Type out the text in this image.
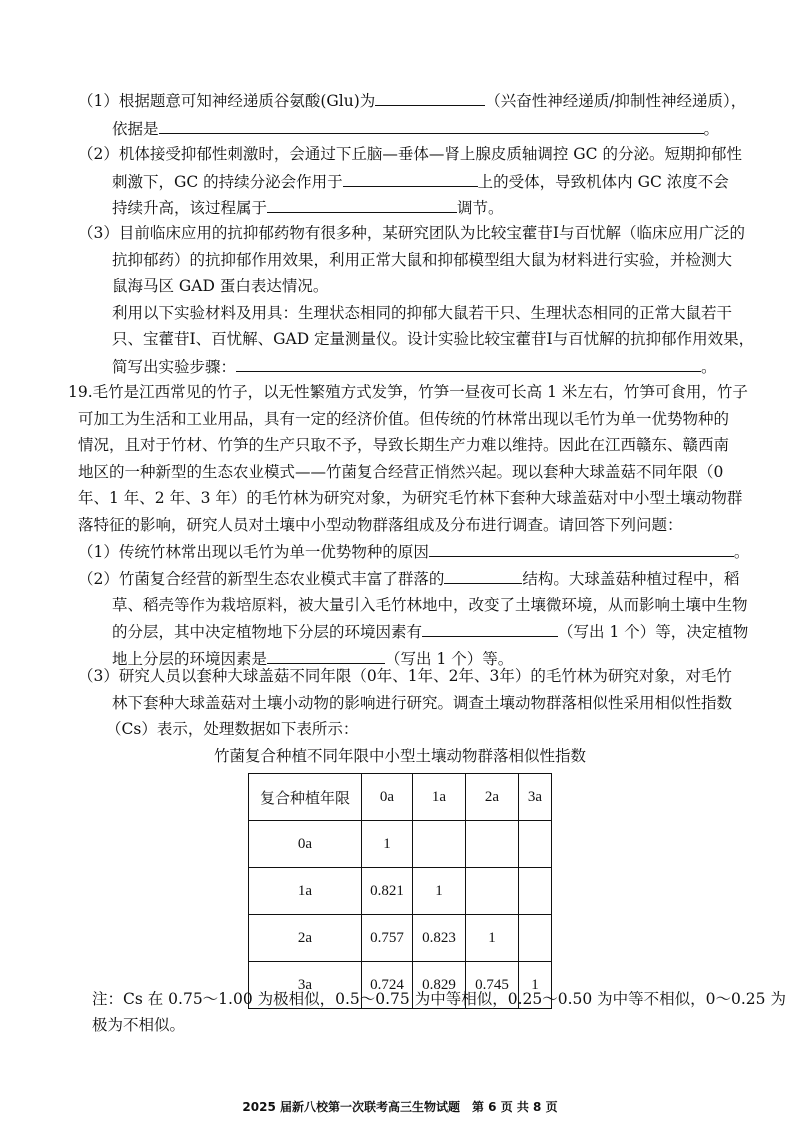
（1）根据题意可知神经递质谷氨酸(Glu)为	（兴奋性神经递质/抑制性神经递质），
依据是	。
（2）机体接受抑郁性刺激时，会通过下丘脑—垂体—肾上腺皮质轴调控 GC 的分泌。短期抑郁性
刺激下，GC 的持续分泌会作用于	上的受体，导致机体内 GC 浓度不会
持续升高，该过程属于	调节。
（3）目前临床应用的抗抑郁药物有很多种，某研究团队为比较宝藿苷Ⅰ与百忧解（临床应用广泛的
抗抑郁药）的抗抑郁作用效果，利用正常大鼠和抑郁模型组大鼠为材料进行实验，并检测大
鼠海马区 GAD 蛋白表达情况。
利用以下实验材料及用具：生理状态相同的抑郁大鼠若干只、生理状态相同的正常大鼠若干
只、宝藿苷Ⅰ、百忧解、GAD 定量测量仪。设计实验比较宝藿苷Ⅰ与百忧解的抗抑郁作用效果，
简写出实验步骤：	。
19.毛竹是江西常见的竹子，以无性繁殖方式发笋，竹笋一昼夜可长高 1 米左右，竹笋可食用，竹子
可加工为生活和工业用品，具有一定的经济价值。但传统的竹林常出现以毛竹为单一优势物种的
情况，且对于竹材、竹笋的生产只取不予，导致长期生产力难以维持。因此在江西赣东、赣西南
地区的一种新型的生态农业模式——竹菌复合经营正悄然兴起。现以套种大球盖菇不同年限（0
年、1 年、2 年、3 年）的毛竹林为研究对象，为研究毛竹林下套种大球盖菇对中小型土壤动物群
落特征的影响，研究人员对土壤中小型动物群落组成及分布进行调查。请回答下列问题：
（1）传统竹林常出现以毛竹为单一优势物种的原因	。
（2）竹菌复合经营的新型生态农业模式丰富了群落的	结构。大球盖菇种植过程中，稻
草、稻壳等作为栽培原料，被大量引入毛竹林地中，改变了土壤微环境，从而影响土壤中生物
的分层，其中决定植物地下分层的环境因素有	（写出 1 个）等，决定植物
地上分层的环境因素是	（写出 1 个）等。
（3）研究人员以套种大球盖菇不同年限（0年、1年、2年、3年）的毛竹林为研究对象，对毛竹
林下套种大球盖菇对土壤小动物的影响进行研究。调查土壤动物群落相似性采用相似性指数
（Cs）表示，处理数据如下表所示：
竹菌复合种植不同年限中小型土壤动物群落相似性指数
复合种植年限	0a	1a	2a	3a
0a	1			
1a	0.821	1		
2a	0.757	0.823	1	
3a	0.724	0.829	0.745	1
注：Cs 在 0.75～1.00 为极相似，0.5～0.75 为中等相似，0.25～0.50 为中等不相似，0～0.25 为
极为不相似。
2025 届新八校第一次联考高三生物试题　第 6 页 共 8 页
